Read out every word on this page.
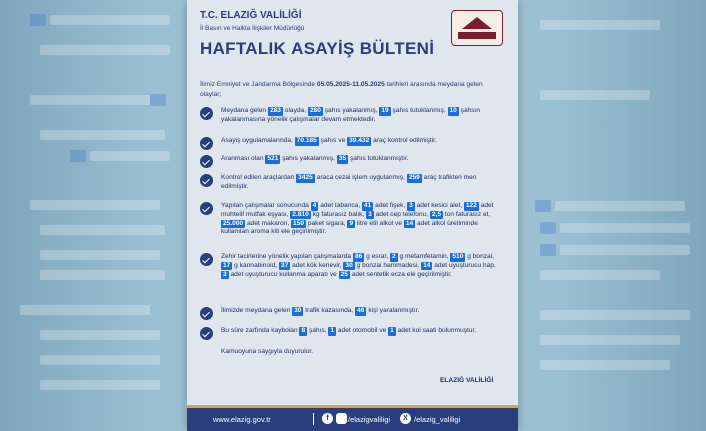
T.C. ELAZIĞ VALİLİĞİ
İl Basın ve Halkla İlişkiler Müdürlüğü
HAFTALIK ASAYİŞ BÜLTENİ
İlimiz Emniyet ve Jandarma Bölgesinde 05.05.2025-11.05.2025 tarihleri arasında meydana gelen olaylar;
Meydana gelen 283 olayda, 280 şahıs yakalanmış, 19 şahıs tutuklanmış, 10 şahsın yakalanmasına yönelik çalışmalar devam etmektedir.
Asayiş uygulamalarında, 70.185 şahıs ve 39.432 araç kontrol edilmiştir.
Aranması olan 521 şahıs yakalanmış, 35 şahıs tutuklanmıştır.
Kontrol edilen araçlardan 3425 araca cezai işlem uygulanmış, 259 araç trafikten men edilmiştir.
Yapılan çalışmalar sonucunda 4 adet tabanca, 41 adet fişek, 3 adet kesici alet, 122 adet muhtelif mutfak eşyası, 2.810 kg faturasız balık, 3 adet cep telefonu, 2,5 ton faturasız et, 25.000 adet makaron, 150 paket sigara, 9 litre etil alkol ve 14 adet alkol üretiminde kullanılan aroma kiti ele geçirilmiştir.
Zehir tacirlerine yönelik yapılan çalışmalarda 86 g esrar, 2 g metamfetamin, 510 g bonzai, 17 g kannabinoid, 37 adet kök kenevir, 30 g bonzai hammadesi, 14 adet uyuşturucu hap, 3 adet uyuşturucu kullanma aparatı ve 25 adet sentetik ecza ele geçirilmiştir.
İlimizde meydana gelen 30 trafik kazasında, 46 kişi yaralanmıştır.
Bu süre zarfında kaybolan 8 şahıs, 1 adet otomobil ve 1 adet kol saati bulunmuştur.
Kamuoyuna saygıyla duyurulur.
ELAZIĞ VALİLİĞİ
www.elazig.gov.tr	f	/elazigvaliligi	X /elazig_valiligi
